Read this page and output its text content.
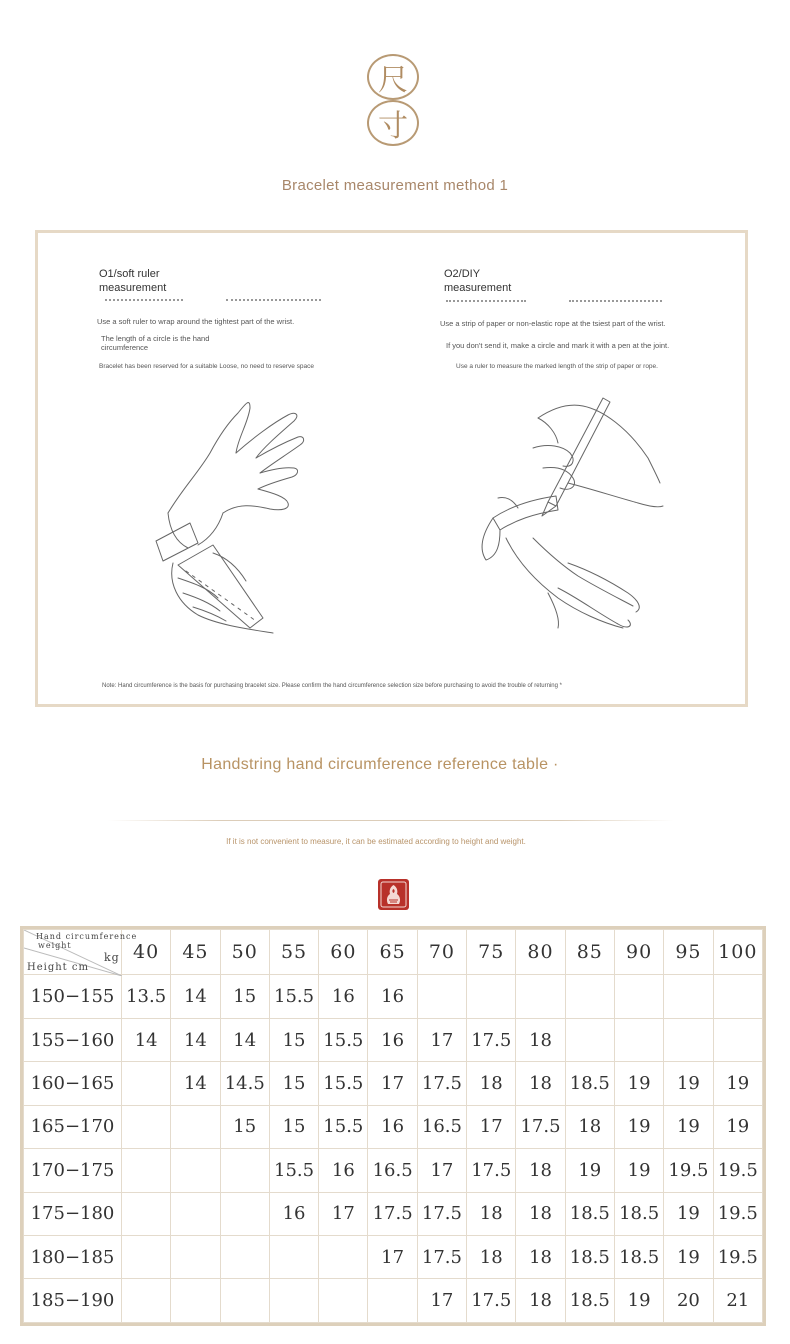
尺
寸
Bracelet measurement method 1
O1/soft ruler
measurement
Use a soft ruler to wrap around the tightest part of the wrist.
The length of a circle is the hand
circumference
Bracelet has been reserved for a suitable Loose, no need to reserve space
O2/DIY
measurement
Use a strip of paper or non-elastic rope at the tsiest part of the wrist.
If you don't send it, make a circle and mark it with a pen at the joint.
Use a ruler to measure the marked length of the strip of paper or rope.
Note: Hand circumference is the basis for purchasing bracelet size. Please confirm the hand circumference selection size before purchasing to avoid the trouble of returning *
Handstring hand circumference reference table ·
If it is not convenient to measure, it can be estimated according to height and weight.
Hand circumference
weight
Height cm
kg	40	45	50	55	60	65	70	75	80	85	90	95	100
150−155	13.5	14	15	15.5	16	16							
155−160	14	14	14	15	15.5	16	17	17.5	18				
160−165		14	14.5	15	15.5	17	17.5	18	18	18.5	19	19	19
165−170			15	15	15.5	16	16.5	17	17.5	18	19	19	19
170−175				15.5	16	16.5	17	17.5	18	19	19	19.5	19.5
175−180				16	17	17.5	17.5	18	18	18.5	18.5	19	19.5
180−185						17	17.5	18	18	18.5	18.5	19	19.5
185−190							17	17.5	18	18.5	19	20	21
